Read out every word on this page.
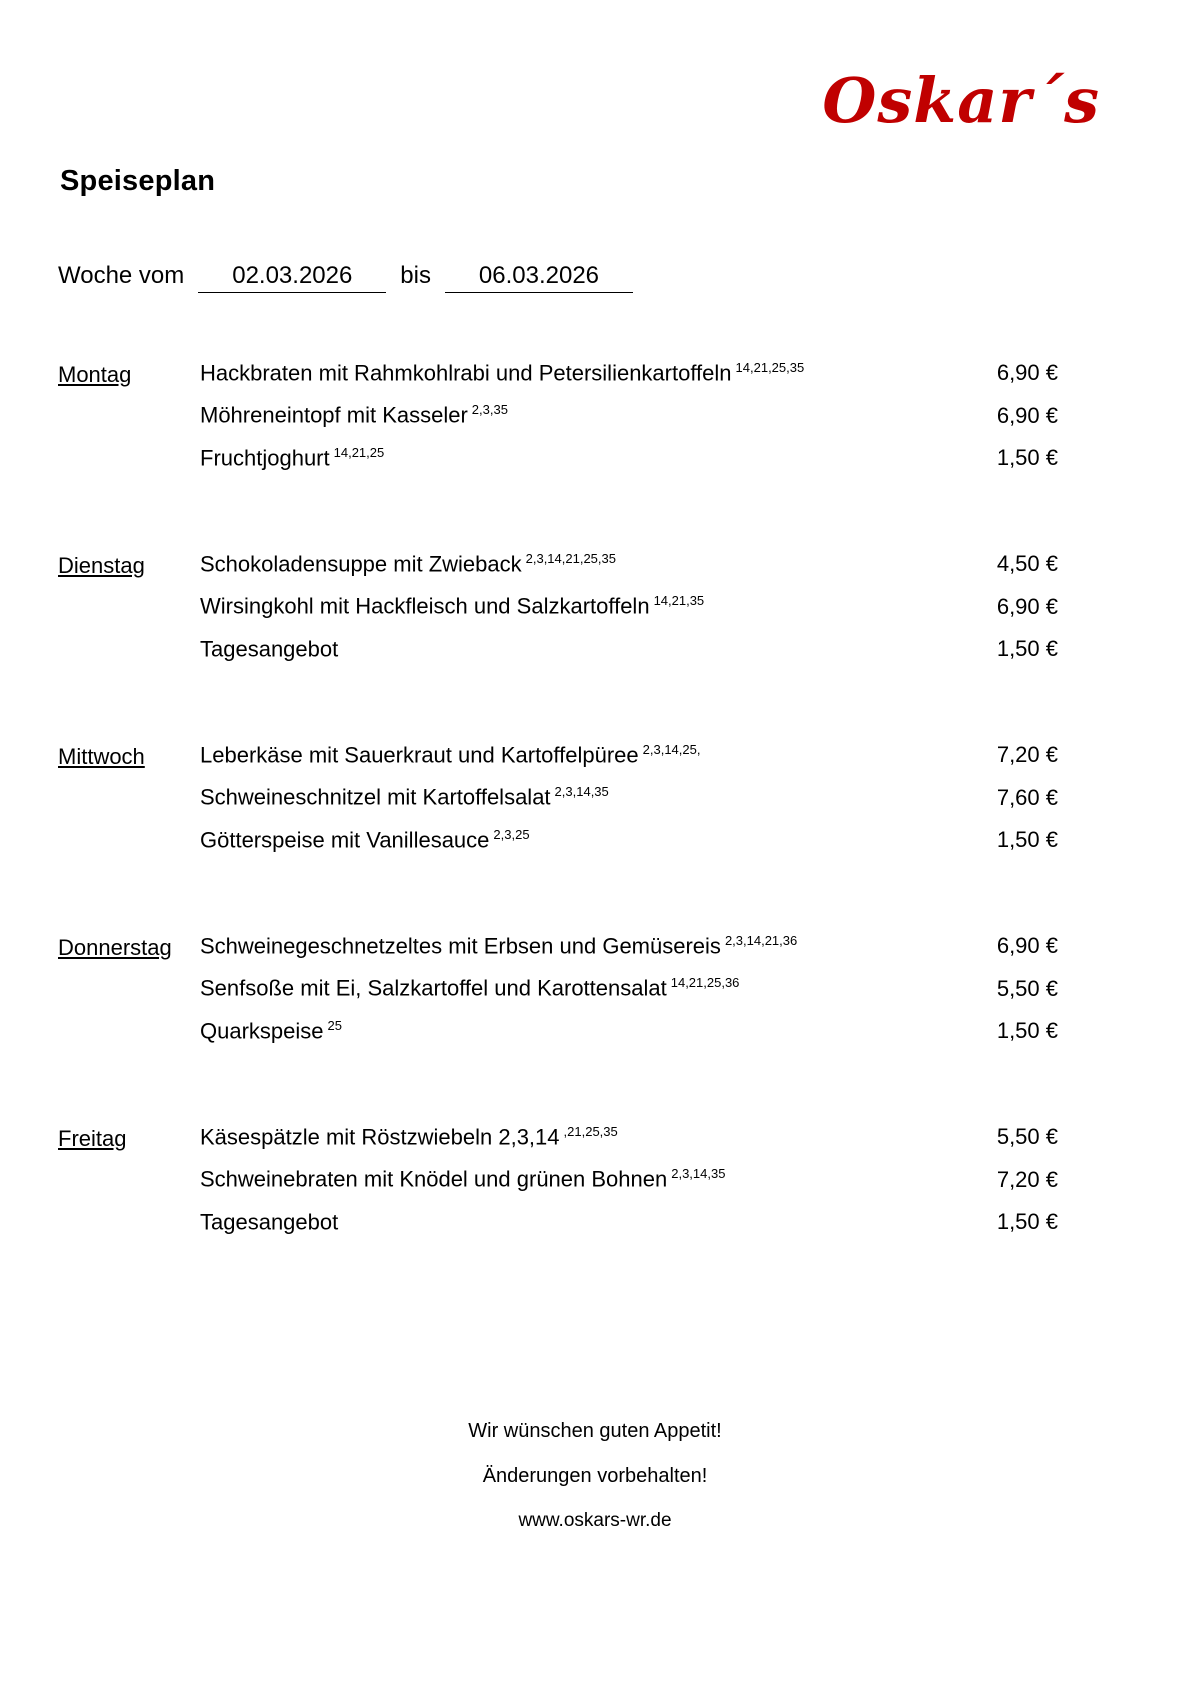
Oskar´s
Speiseplan
Woche vom	02.03.2026	bis	06.03.2026
Montag	Hackbraten mit Rahmkohlrabi und Petersilienkartoffeln $^{14,21,25,35}$	6,90 €
Möhreneintopf mit Kasseler $^{2,3,35}$	6,90 €
Fruchtjoghurt $^{14,21,25}$	1,50 €
Dienstag	Schokoladensuppe mit Zwieback $^{2,3,14,21,25,35}$	4,50 €
Wirsingkohl mit Hackfleisch und Salzkartoffeln $^{14,21,35}$	6,90 €
Tagesangebot	1,50 €
Mittwoch	Leberkäse mit Sauerkraut und Kartoffelpüree $^{2,3,14,25,}$	7,20 €
Schweineschnitzel mit Kartoffelsalat $^{2,3,14,35}$	7,60 €
Götterspeise mit Vanillesauce $^{2,3,25}$	1,50 €
Donnerstag Schweinegeschnetzeltes mit Erbsen und Gemüsereis $^{2,3,14,21,36}$	6,90 €
Senfsoße mit Ei, Salzkartoffel und Karottensalat $^{14,21,25,36}$	5,50 €
Quarkspeise $^{25}$	1,50 €
Freitag	Käsespätzle mit Röstzwiebeln 2,3,14 $^{,21,25,35}$	5,50 €
Schweinebraten mit Knödel und grünen Bohnen $^{2,3,14,35}$	7,20 €
Tagesangebot	1,50 €
Wir wünschen guten Appetit!
Änderungen vorbehalten!
www.oskars-wr.de
